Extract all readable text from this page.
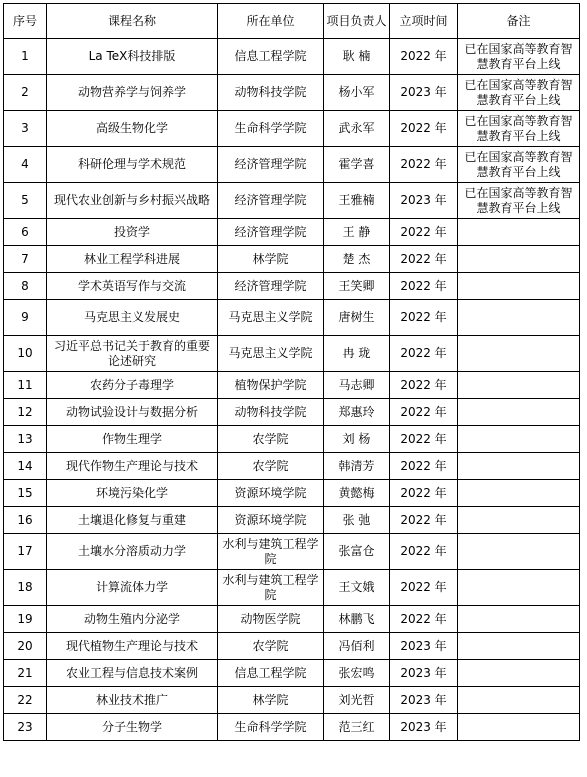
序号	课程名称	所在单位	项目负责人	立项时间	备注
1	La TeX科技排版	信息工程学院	耿 楠	2022 年	已在国家高等教育智慧教育平台上线
2	动物营养学与饲养学	动物科技学院	杨小军	2023 年	已在国家高等教育智慧教育平台上线
3	高级生物化学	生命科学学院	武永军	2022 年	已在国家高等教育智慧教育平台上线
4	科研伦理与学术规范	经济管理学院	霍学喜	2022 年	已在国家高等教育智慧教育平台上线
5	现代农业创新与乡村振兴战略	经济管理学院	王雅楠	2023 年	已在国家高等教育智慧教育平台上线
6	投资学	经济管理学院	王 静	2022 年	
7	林业工程学科进展	林学院	楚 杰	2022 年	
8	学术英语写作与交流	经济管理学院	王笑卿	2022 年	
9	马克思主义发展史	马克思主义学院	唐树生	2022 年	
10	习近平总书记关于教育的重要论述研究	马克思主义学院	冉 珑	2022 年	
11	农药分子毒理学	植物保护学院	马志卿	2022 年	
12	动物试验设计与数据分析	动物科技学院	郑惠玲	2022 年	
13	作物生理学	农学院	刘 杨	2022 年	
14	现代作物生产理论与技术	农学院	韩清芳	2022 年	
15	环境污染化学	资源环境学院	黄懿梅	2022 年	
16	土壤退化修复与重建	资源环境学院	张 弛	2022 年	
17	土壤水分溶质动力学	水利与建筑工程学院	张富仓	2022 年	
18	计算流体力学	水利与建筑工程学院	王文娥	2022 年	
19	动物生殖内分泌学	动物医学院	林鹏飞	2022 年	
20	现代植物生产理论与技术	农学院	冯佰利	2023 年	
21	农业工程与信息技术案例	信息工程学院	张宏鸣	2023 年	
22	林业技术推广	林学院	刘光哲	2023 年	
23	分子生物学	生命科学学院	范三红	2023 年	
